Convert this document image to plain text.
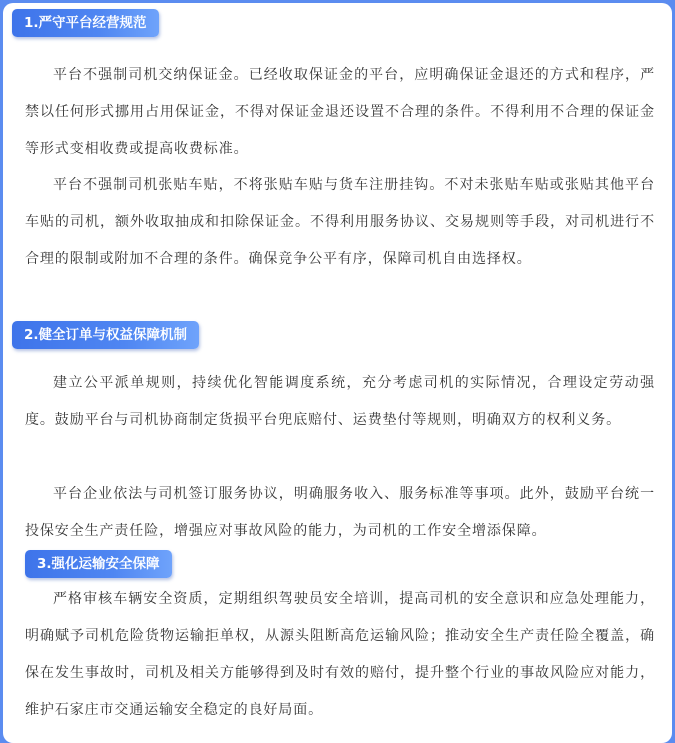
1.严守平台经营规范

平台不强制司机交纳保证金。已经收取保证金的平台，应明确保证金退还的方式和程序，严禁以任何形式挪用占用保证金，不得对保证金退还设置不合理的条件。不得利用不合理的保证金等形式变相收费或提高收费标准。

平台不强制司机张贴车贴，不将张贴车贴与货车注册挂钩。不对未张贴车贴或张贴其他平台车贴的司机，额外收取抽成和扣除保证金。不得利用服务协议、交易规则等手段，对司机进行不合理的限制或附加不合理的条件。确保竞争公平有序，保障司机自由选择权。

2.健全订单与权益保障机制

建立公平派单规则，持续优化智能调度系统，充分考虑司机的实际情况，合理设定劳动强度。鼓励平台与司机协商制定货损平台兜底赔付、运费垫付等规则，明确双方的权利义务。

平台企业依法与司机签订服务协议，明确服务收入、服务标准等事项。此外，鼓励平台统一投保安全生产责任险，增强应对事故风险的能力，为司机的工作安全增添保障。

3.强化运输安全保障

严格审核车辆安全资质，定期组织驾驶员安全培训，提高司机的安全意识和应急处理能力，明确赋予司机危险货物运输拒单权，从源头阻断高危运输风险；推动安全生产责任险全覆盖，确保在发生事故时，司机及相关方能够得到及时有效的赔付，提升整个行业的事故风险应对能力，维护石家庄市交通运输安全稳定的良好局面。
